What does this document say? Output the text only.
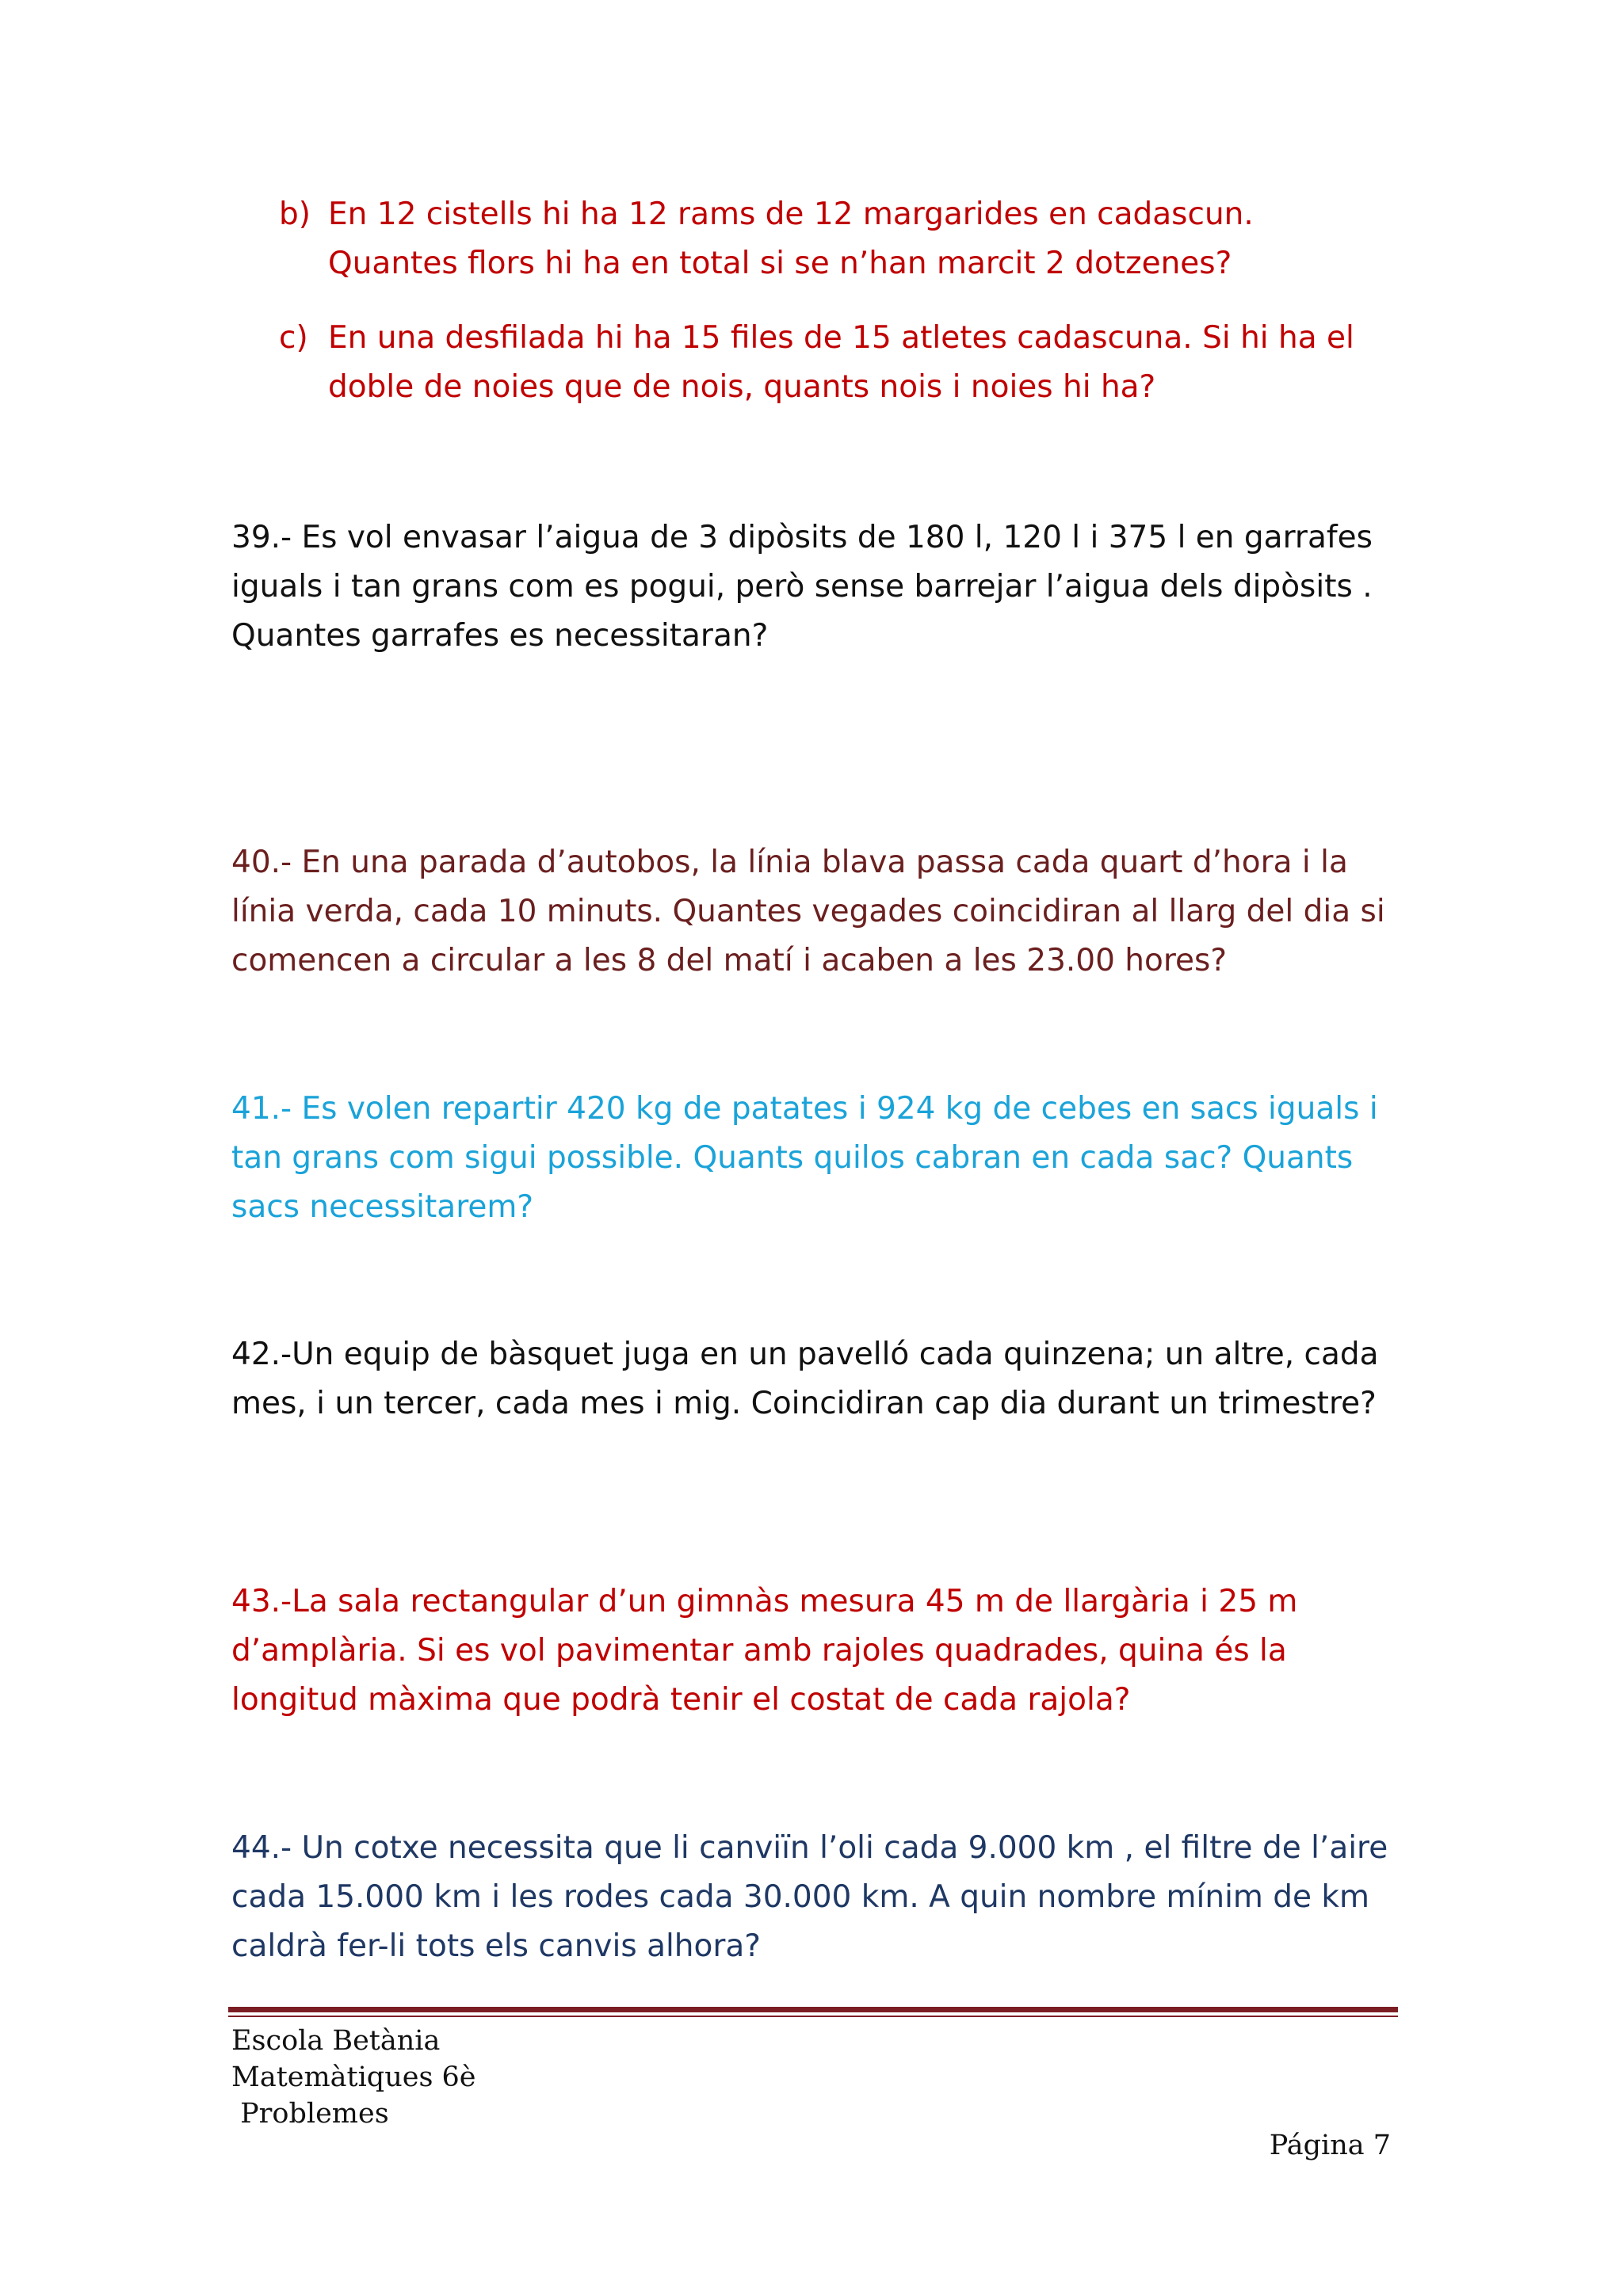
b) En 12 cistells hi ha 12 rams de 12 margarides en cadascun. Quantes flors hi ha en total si se n’han marcit 2 dotzenes?
c) En una desfilada hi ha 15 files de 15 atletes cadascuna. Si hi ha el doble de noies que de nois, quants nois i noies hi ha?

39.- Es vol envasar l’aigua de 3 dipòsits de 180 l, 120 l i 375 l en garrafes iguals i tan grans com es pogui, però sense barrejar l’aigua dels dipòsits . Quantes garrafes es necessitaran?

40.- En una parada d’autobos, la línia blava passa cada quart d’hora i la línia verda, cada 10 minuts. Quantes vegades coincidiran al llarg del dia si comencen a circular a les 8 del matí i acaben a les 23.00 hores?

41.- Es volen repartir 420 kg de patates i 924 kg de cebes en sacs iguals i tan grans com sigui possible. Quants quilos cabran en cada sac? Quants sacs necessitarem?

42.-Un equip de bàsquet juga en un pavelló cada quinzena; un altre, cada mes, i un tercer, cada mes i mig. Coincidiran cap dia durant un trimestre?

43.-La sala rectangular d’un gimnàs mesura 45 m de llargària i 25 m d’amplària. Si es vol pavimentar amb rajoles quadrades, quina és la longitud màxima que podrà tenir el costat de cada rajola?

44.- Un cotxe necessita que li canviïn l’oli cada 9.000 km , el filtre de l’aire cada 15.000 km i les rodes cada 30.000 km. A quin nombre mínim de km caldrà fer-li tots els canvis alhora?

Escola Betània
Matemàtiques 6è
Problemes
Página 7
